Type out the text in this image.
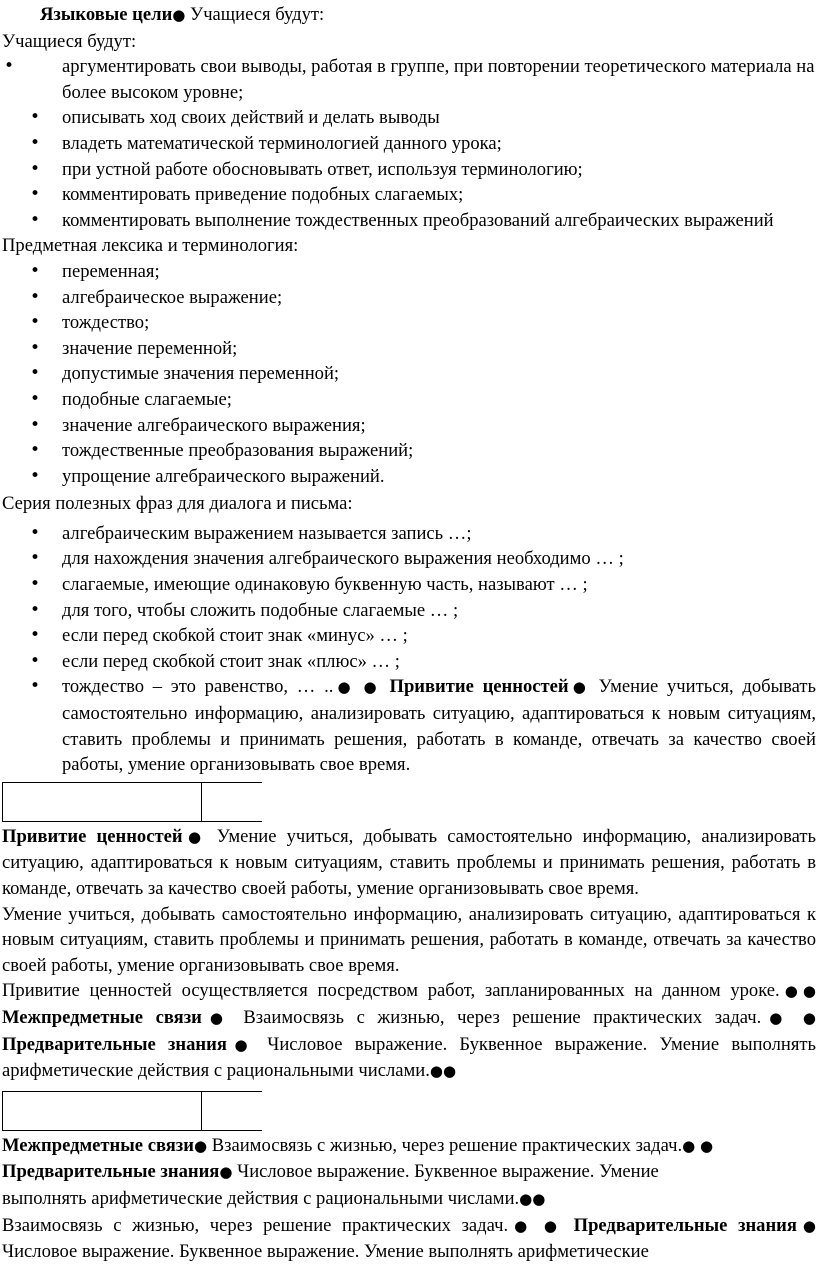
Языковые цели● Учащиеся будут:

Учащиеся будут:

• аргументировать свои выводы, работая в группе, при повторении теоретического материала на более высоком уровне;
• описывать ход своих действий и делать выводы
• владеть математической терминологией данного урока;
• при устной работе обосновывать ответ, используя терминологию;
• комментировать приведение подобных слагаемых;
• комментировать выполнение тождественных преобразований алгебраических выражений

Предметная лексика и терминология:

• переменная;
• алгебраическое выражение;
• тождество;
• значение переменной;
• допустимые значения переменной;
• подобные слагаемые;
• значение алгебраического выражения;
• тождественные преобразования выражений;
• упрощение алгебраического выражений.

Серия полезных фраз для диалога и письма:

• алгебраическим выражением называется запись …;
• для нахождения значения алгебраического выражения необходимо … ;
• слагаемые, имеющие одинаковую буквенную часть, называют … ;
• для того, чтобы сложить подобные слагаемые … ;
• если перед скобкой стоит знак «минус» … ;
• если перед скобкой стоит знак «плюс» … ;
• тождество – это равенство, … ..● ● Привитие ценностей● Умение учиться, добывать самостоятельно информацию, анализировать ситуацию, адаптироваться к новым ситуациям, ставить проблемы и принимать решения, работать в команде, отвечать за качество своей работы, умение организовывать свое время.

Привитие ценностей● Умение учиться, добывать самостоятельно информацию, анализировать ситуацию, адаптироваться к новым ситуациям, ставить проблемы и принимать решения, работать в команде, отвечать за качество своей работы, умение организовывать свое время.

Умение учиться, добывать самостоятельно информацию, анализировать ситуацию, адаптироваться к новым ситуациям, ставить проблемы и принимать решения, работать в команде, отвечать за качество своей работы, умение организовывать свое время.

Привитие ценностей осуществляется посредством работ, запланированных на данном уроке.●● Межпредметные связи● Взаимосвязь с жизнью, через решение практических задач.● ● Предварительные знания● Числовое выражение. Буквенное выражение. Умение выполнять арифметические действия с рациональными числами.●●

Межпредметные связи● Взаимосвязь с жизнью, через решение практических задач.● ● Предварительные знания● Числовое выражение. Буквенное выражение. Умение выполнять арифметические действия с рациональными числами.●●

Взаимосвязь с жизнью, через решение практических задач.● ● Предварительные знания● Числовое выражение. Буквенное выражение. Умение выполнять арифметические
